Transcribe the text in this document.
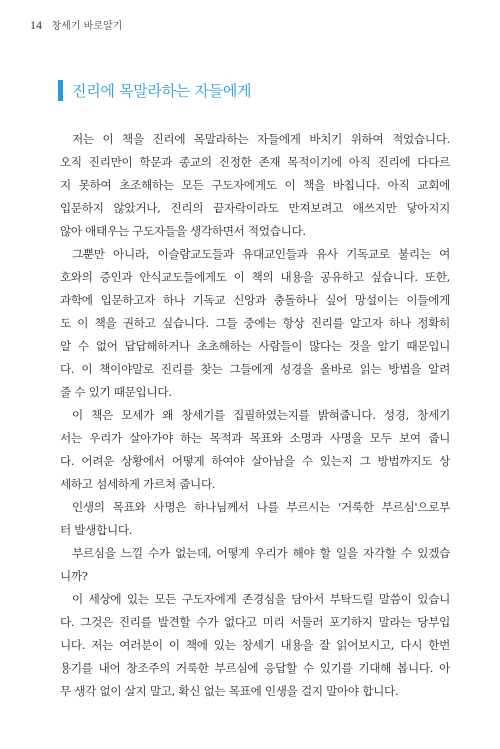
14 창세기 바로알기
진리에 목말라하는 자들에게
저는 이 책을 진리에 목말라하는 자들에게 바치기 위하여 적었습니다.
오직 진리만이 학문과 종교의 진정한 존재 목적이기에 아직 진리에 다다르
지 못하여 초조해하는 모든 구도자에게도 이 책을 바칩니다. 아직 교회에
입문하지 않았거나, 진리의 끝자락이라도 만져보려고 애쓰지만 닿아지지
않아 애태우는 구도자들을 생각하면서 적었습니다.
그뿐만 아니라, 이슬람교도들과 유대교인들과 유사 기독교로 불리는 여
호와의 증인과 안식교도들에게도 이 책의 내용을 공유하고 싶습니다. 또한,
과학에 입문하고자 하나 기독교 신앙과 충돌하나 싶어 망설이는 이들에게
도 이 책을 권하고 싶습니다. 그들 중에는 항상 진리를 알고자 하나 정확히
알 수 없어 답답해하거나 초초해하는 사람들이 많다는 것을 알기 때문입니
다. 이 책이야말로 진리를 찾는 그들에게 성경을 올바로 읽는 방법을 알려
줄 수 있기 때문입니다.
이 책은 모세가 왜 창세기를 집필하였는지를 밝혀줍니다. 성경, 창세기
서는 우리가 살아가야 하는 목적과 목표와 소명과 사명을 모두 보여 줍니
다. 어려운 상황에서 어떻게 하여야 살아남을 수 있는지 그 방법까지도 상
세하고 섬세하게 가르쳐 줍니다.
인생의 목표와 사명은 하나님께서 나를 부르시는 '거룩한 부르심'으로부
터 발생합니다.
부르심을 느낄 수가 없는데, 어떻게 우리가 해야 할 일을 자각할 수 있겠습
니까?
이 세상에 있는 모든 구도자에게 존경심을 담아서 부탁드릴 말씀이 있습니
다. 그것은 진리를 발견할 수가 없다고 미리 서둘러 포기하지 말라는 당부입
니다. 저는 여러분이 이 책에 있는 창세기 내용을 잘 읽어보시고, 다시 한번
용기를 내어 창조주의 거룩한 부르심에 응답할 수 있기를 기대해 봅니다. 아
무 생각 없이 살지 말고, 확신 없는 목표에 인생을 걸지 말아야 합니다.
